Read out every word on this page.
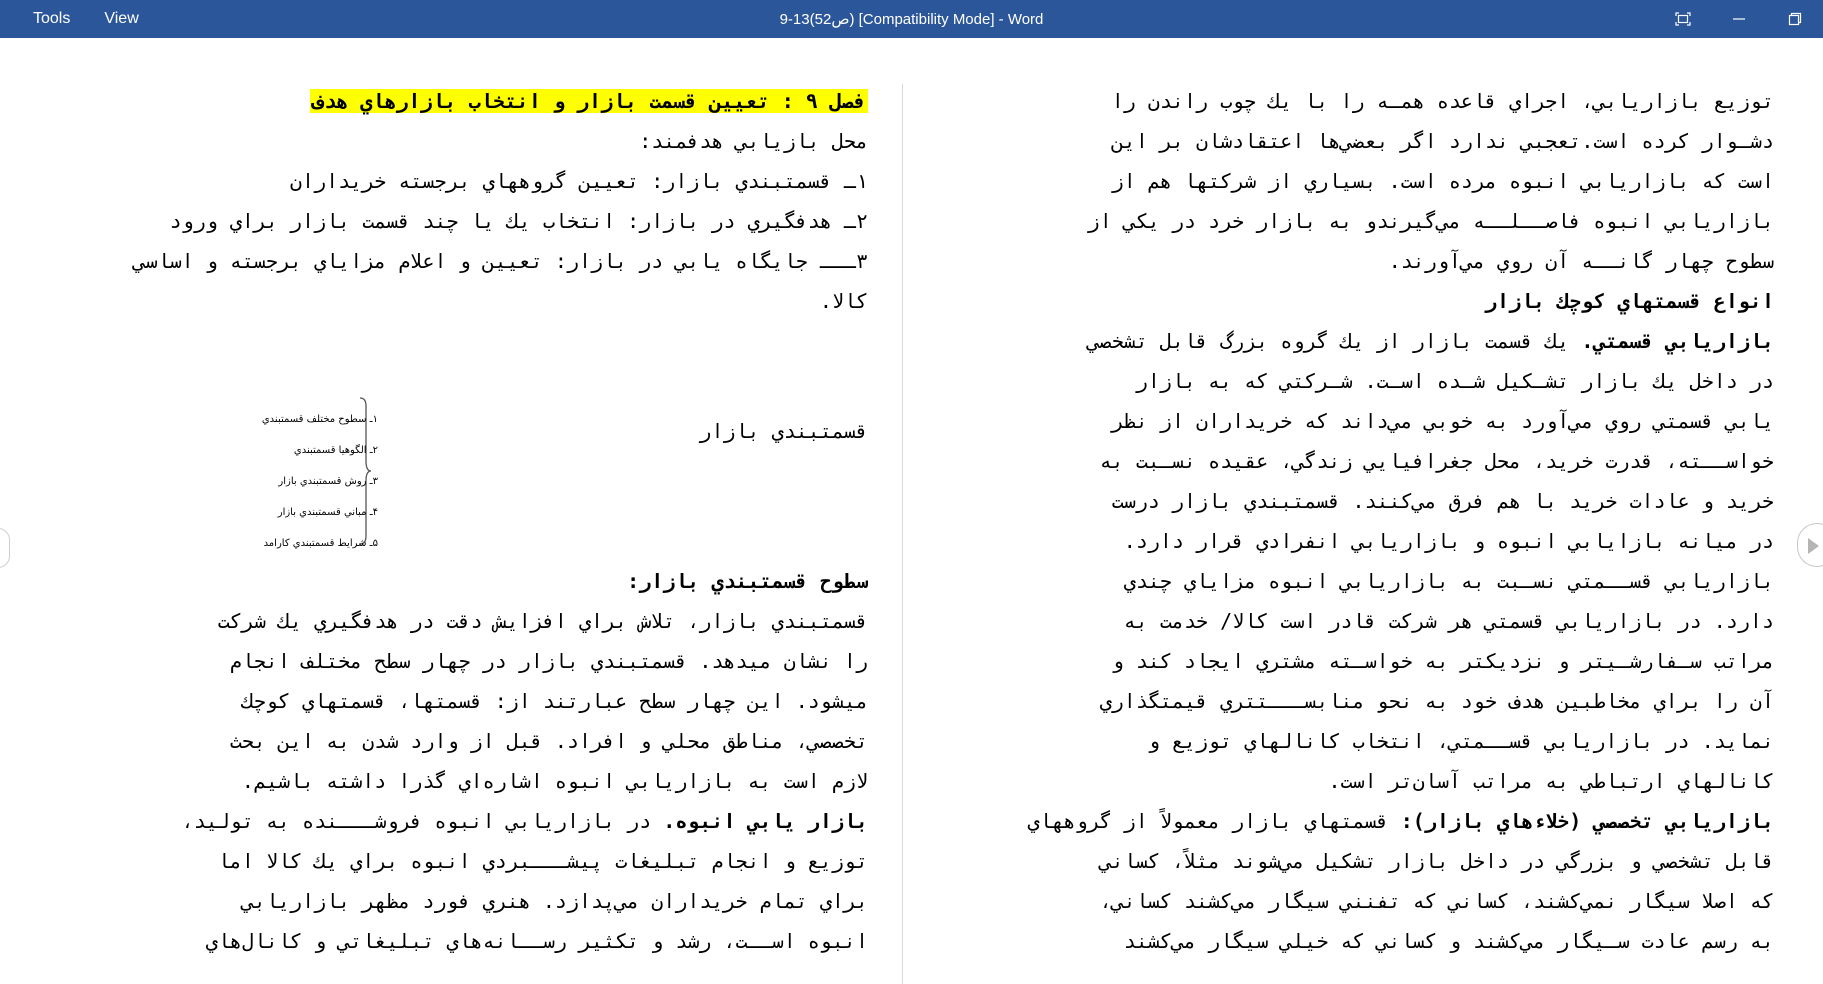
Tools	View	9-13(ص52) [Compatibility Mode] - Word
فصل ۹ : تعيين قسمت بازار و انتخاب بازارهاي هدف
محل بازيابي هدفمند:
۱ـ قسمتبندي بازار: تعيين گروههاي برجسته خريداران
۲ـ هدفگيري در بازار: انتخاب يك يا چند قسمت بازار براي ورود
۳ـــ جايگاه يابي در بازار: تعيين و اعلام مزاياي برجسته و اساسي
كالا.
قسمتبندي بازار
۱ـ سطوح مختلف قسمتبندي
۲ـ الگوهيا قسمتبندي
۳ـ روش قسمتبندي بازار
۴ـ مباني قسمتبندي بازار
۵ـ شرايط قسمتبندي كارامد
سطوح قسمتبندي بازار:
قسمتبندي بازار، تلاش براي افزايش دقت در هدفگيري يك شركت
را نشان ميدهد. قسمتبندي بازار در چهار سطح مختلف انجام
ميشود. اين چهار سطح عبارتند از: قسمتها، قسمتهاي كوچك
تخصصي، مناطق محلي و افراد. قبل از وارد شدن به اين بحث
لازم است به بازاريابي انبوه اشاره‌اي گذرا داشته باشيم.
بازار يابي انبوه. در بازاريابي انبوه فروشـــنده به توليد،
توزيع و انجام تبليغات پيشـــبردي انبوه براي يك كالا اما
براي تمام خريداران مي‌پدازد. هنري فورد مظهر بازاريابي
انبوه اســت، رشد و تكثير رســانه‌هاي تبليغاتي و كانال‌هاي
توزيع بازاريابي، اجراي قاعده همـه را با يك چوب راندن را
دشـوار كرده است.تعجبي ندارد اگر بعضي‌ها اعتقادشان بر اين
است كه بازاريابي انبوه مرده است. بسياري از شركتها هم از
بازاريابي انبوه فاصــلــه مي‌گيرندو به بازار خرد در يكي از
سطوح چهار گانــه آن روي مي‌آورند.
انواع قسمتهاي كوچك بازار
بازاريابي قسمتي. يك قسمت بازار از يك گروه بزرگ قابل تشخصي
در داخل يك بازار تشـكيل شـده اسـت. شـركتي كه به بازار
يابي قسمتي روي مي‌آورد به خوبي مي‌داند كه خريداران از نظر
خواســته، قدرت خريد، محل جغرافيايي زندگي، عقيده نسـبت به
خريد و عادات خريد با هم فرق مي‌كنند. قسمتبندي بازار درست
در ميانه بازايابي انبوه و بازاريابي انفرادي قرار دارد.
بازاريابي قســمتي نسـبت به بازاريابي انبوه مزاياي چندي
دارد. در بازاريابي قسمتي هر شركت قادر است كالا/ خدمت به
مراتب سـفارشـيتر و نزديكتر به خواسـته مشتري ايجاد كند و
آن را براي مخاطبين هدف خود به نحو منابســـتتري قيمتگذاري
نمايد. در بازاريابي قســمتي، انتخاب كانالهاي توزيع و
كانالهاي ارتباطي به مراتب آسان‌تر است.
بازاريابي تخصصي (خلاءهاي بازار): قسمتهاي بازار معمولاً از گروههاي
قابل تشخصي و بزرگي در داخل بازار تشكيل مي‌شوند مثلاً، كساني
كه اصلا سيگار نمي‌كشند، كساني كه تفنني سيگار مي‌كشند كساني،
به رسم عادت سـيگار مي‌كشند و كساني كه خيلي سيگار مي‌كشند
